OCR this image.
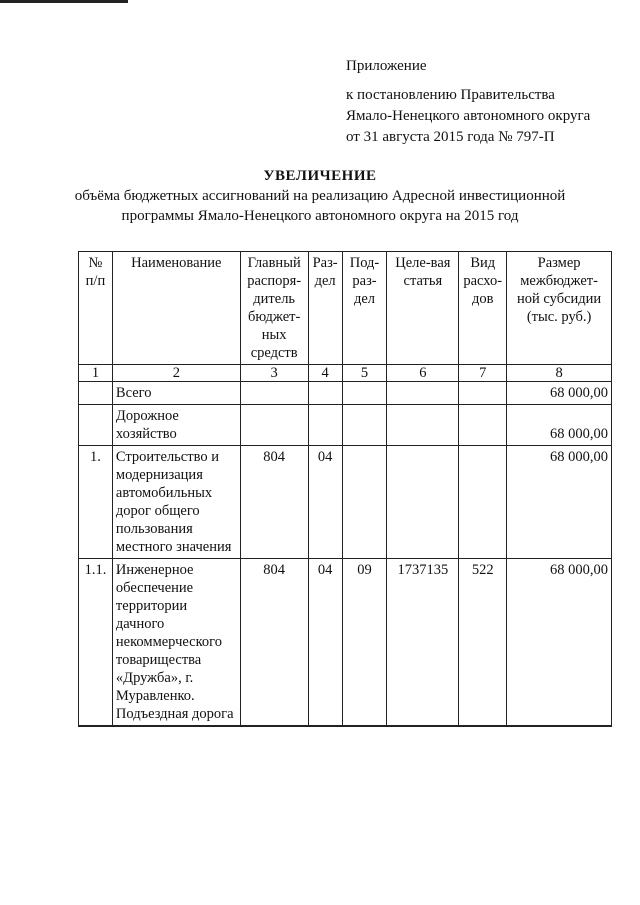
Приложение
к постановлению Правительства
Ямало-Ненецкого автономного округа
от 31 августа 2015 года № 797-П
УВЕЛИЧЕНИЕ
объёма бюджетных ассигнований на реализацию Адресной инвестиционной
программы Ямало-Ненецкого автономного округа на 2015 год
№ п/п	Наименование	Главный распоря-дитель бюджет-ных средств	Раз-дел	Под-раз-дел	Целе-вая статья	Вид расхо-дов	Размер межбюджет-ной субсидии (тыс. руб.)
1	2	3	4	5	6	7	8
	Всего						68 000,00
	Дорожное хозяйство						68 000,00
1.	Строительство и модернизация автомобильных дорог общего пользования местного значения	804	04				68 000,00
1.1.	Инженерное обеспечение территории дачного некоммерческого товарищества «Дружба», г. Муравленко. Подъездная дорога	804	04	09	1737135	522	68 000,00
